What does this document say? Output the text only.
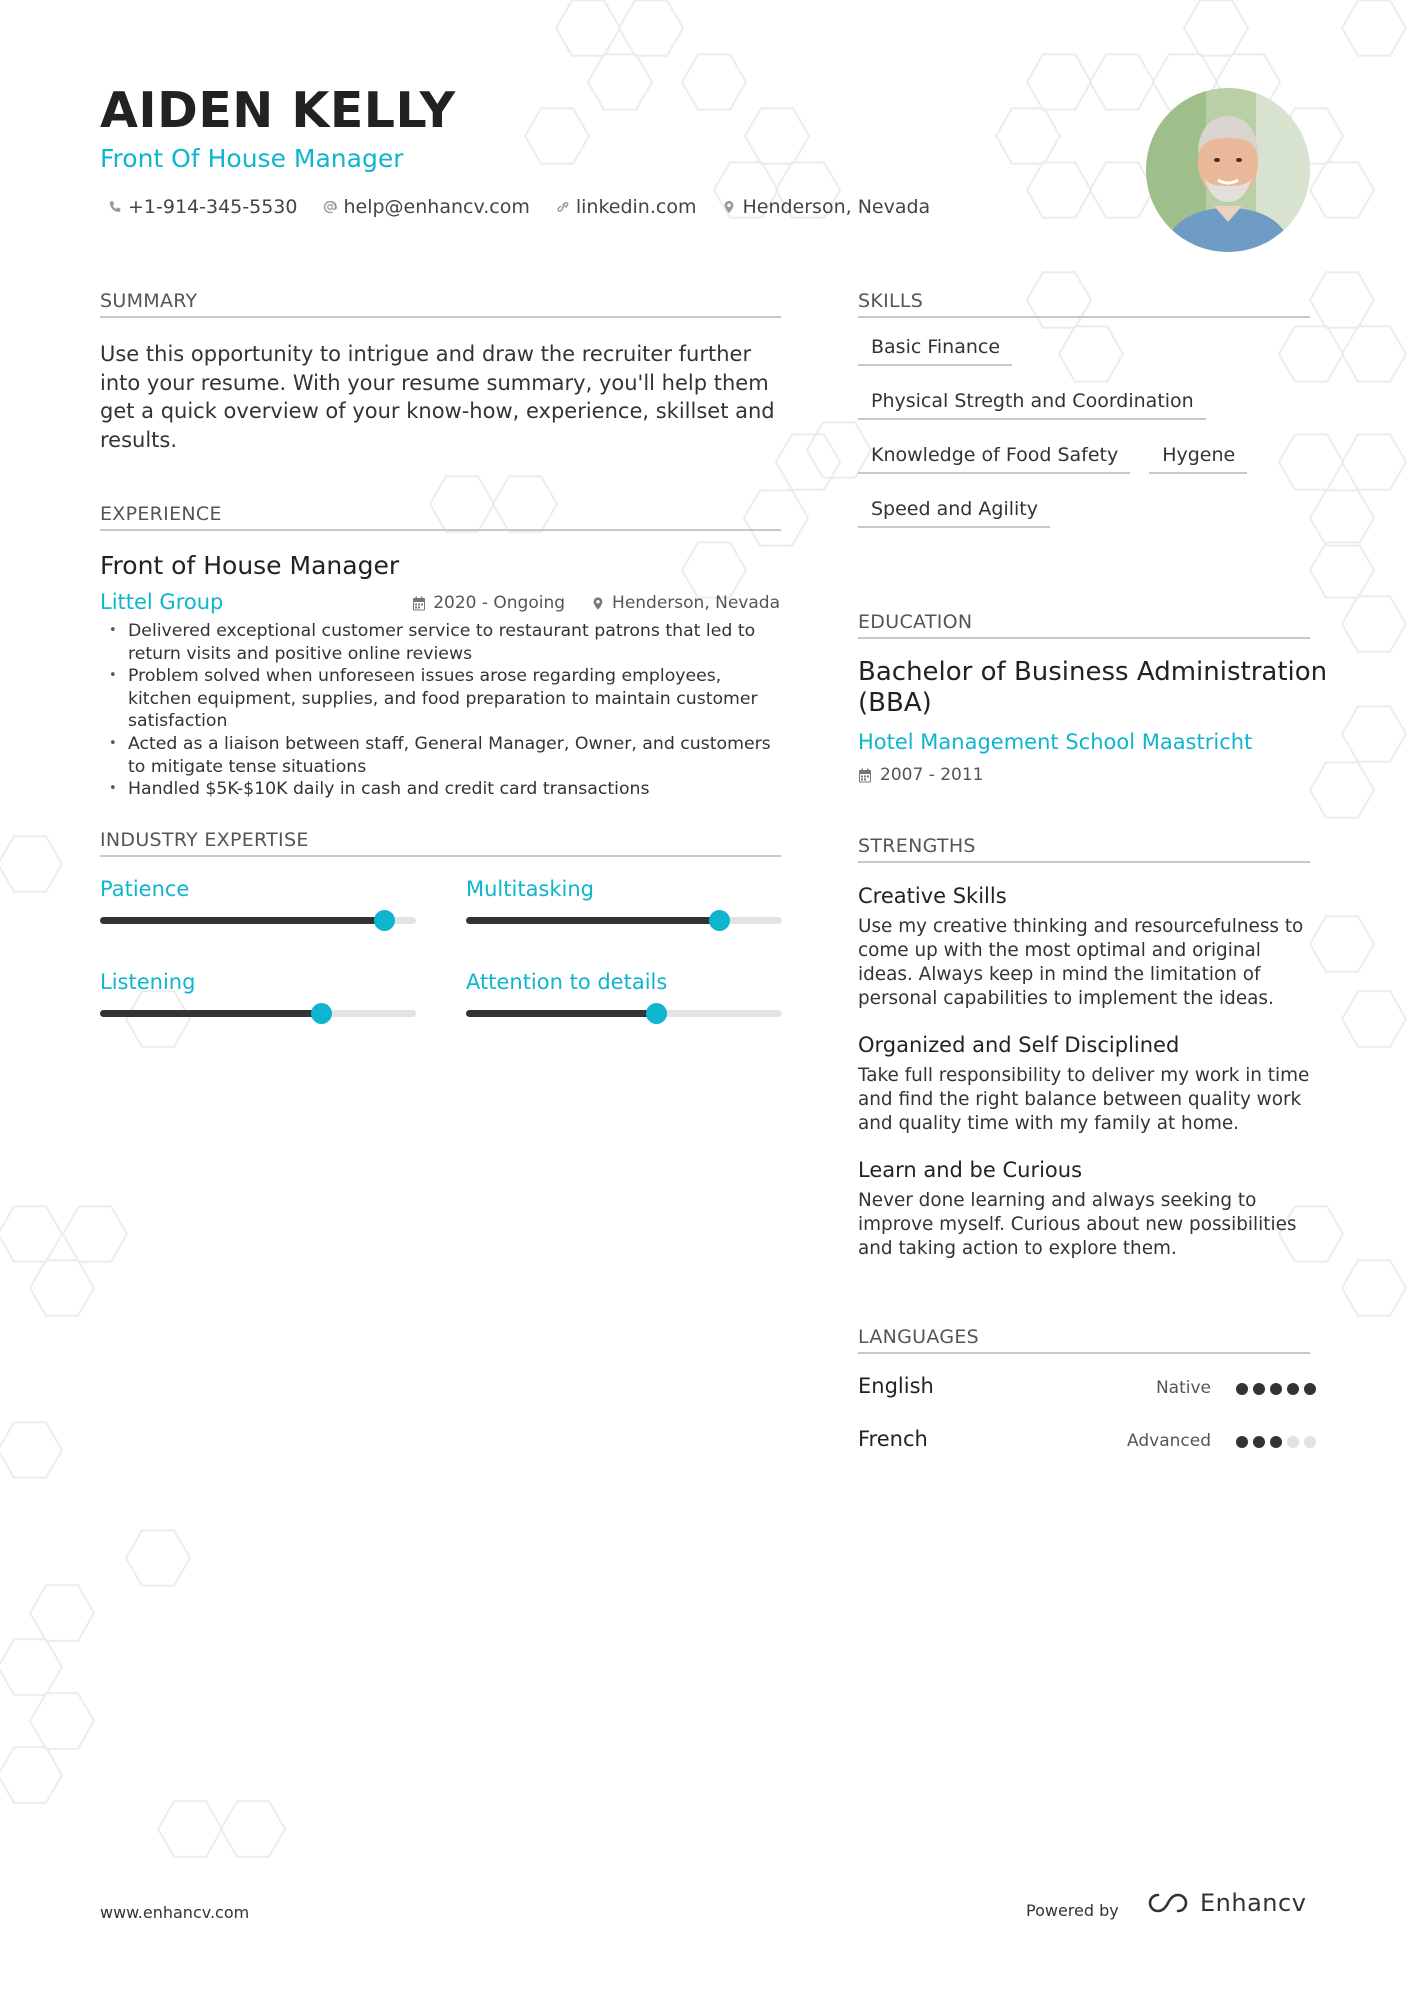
AIDEN KELLY
Front Of House Manager
+1-914-345-5530 help@enhancv.com linkedin.com Henderson, Nevada
SUMMARY
Use this opportunity to intrigue and draw the recruiter further into your resume. With your resume summary, you'll help them get a quick overview of your know-how, experience, skillset and results.
EXPERIENCE
Front of House Manager
Littel Group	2020 - Ongoing	Henderson, Nevada
• Delivered exceptional customer service to restaurant patrons that led to return visits and positive online reviews
• Problem solved when unforeseen issues arose regarding employees, kitchen equipment, supplies, and food preparation to maintain customer satisfaction
• Acted as a liaison between staff, General Manager, Owner, and customers to mitigate tense situations
• Handled $5K-$10K daily in cash and credit card transactions
INDUSTRY EXPERTISE
Patience	Multitasking
Listening	Attention to details
SKILLS
Basic Finance
Physical Stregth and Coordination
Knowledge of Food Safety	Hygene
Speed and Agility
EDUCATION
Bachelor of Business Administration (BBA)
Hotel Management School Maastricht
2007 - 2011
STRENGTHS
Creative Skills
Use my creative thinking and resourcefulness to come up with the most optimal and original ideas. Always keep in mind the limitation of personal capabilities to implement the ideas.
Organized and Self Disciplined
Take full responsibility to deliver my work in time and find the right balance between quality work and quality time with my family at home.
Learn and be Curious
Never done learning and always seeking to improve myself. Curious about new possibilities and taking action to explore them.
LANGUAGES
English	Native
French	Advanced
www.enhancv.com	Powered by	Enhancv
